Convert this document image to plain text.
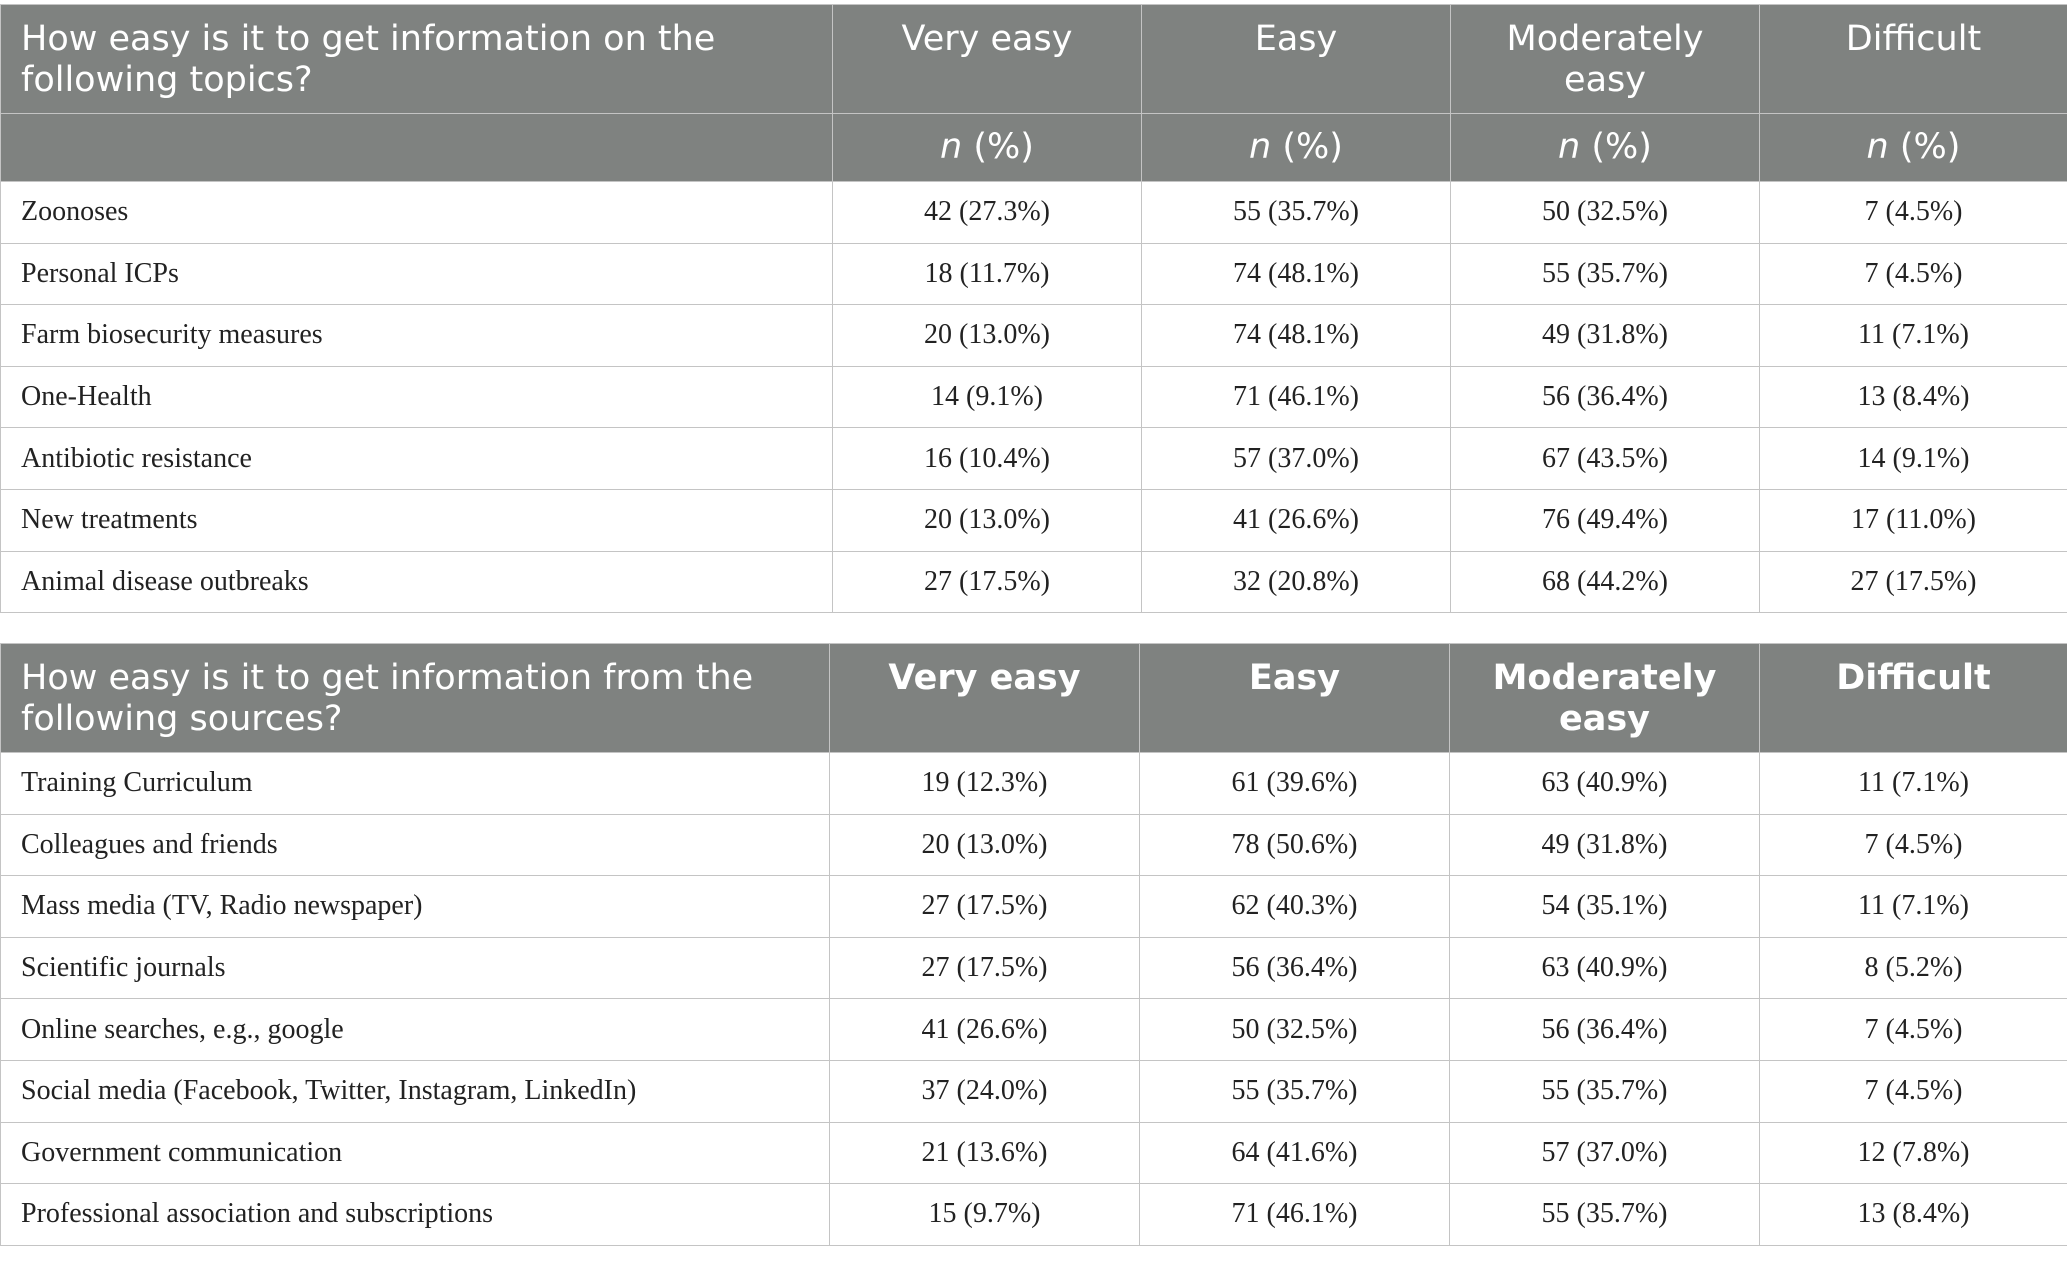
How easy is it to get information on the following topics?	Very easy	Easy	Moderately easy	Difficult
	n (%)	n (%)	n (%)	n (%)
Zoonoses	42 (27.3%)	55 (35.7%)	50 (32.5%)	7 (4.5%)
Personal ICPs	18 (11.7%)	74 (48.1%)	55 (35.7%)	7 (4.5%)
Farm biosecurity measures	20 (13.0%)	74 (48.1%)	49 (31.8%)	11 (7.1%)
One-Health	14 (9.1%)	71 (46.1%)	56 (36.4%)	13 (8.4%)
Antibiotic resistance	16 (10.4%)	57 (37.0%)	67 (43.5%)	14 (9.1%)
New treatments	20 (13.0%)	41 (26.6%)	76 (49.4%)	17 (11.0%)
Animal disease outbreaks	27 (17.5%)	32 (20.8%)	68 (44.2%)	27 (17.5%)
How easy is it to get information from the following sources?	Very easy	Easy	Moderately easy	Difficult
Training Curriculum	19 (12.3%)	61 (39.6%)	63 (40.9%)	11 (7.1%)
Colleagues and friends	20 (13.0%)	78 (50.6%)	49 (31.8%)	7 (4.5%)
Mass media (TV, Radio newspaper)	27 (17.5%)	62 (40.3%)	54 (35.1%)	11 (7.1%)
Scientific journals	27 (17.5%)	56 (36.4%)	63 (40.9%)	8 (5.2%)
Online searches, e.g., google	41 (26.6%)	50 (32.5%)	56 (36.4%)	7 (4.5%)
Social media (Facebook, Twitter, Instagram, LinkedIn)	37 (24.0%)	55 (35.7%)	55 (35.7%)	7 (4.5%)
Government communication	21 (13.6%)	64 (41.6%)	57 (37.0%)	12 (7.8%)
Professional association and subscriptions	15 (9.7%)	71 (46.1%)	55 (35.7%)	13 (8.4%)
